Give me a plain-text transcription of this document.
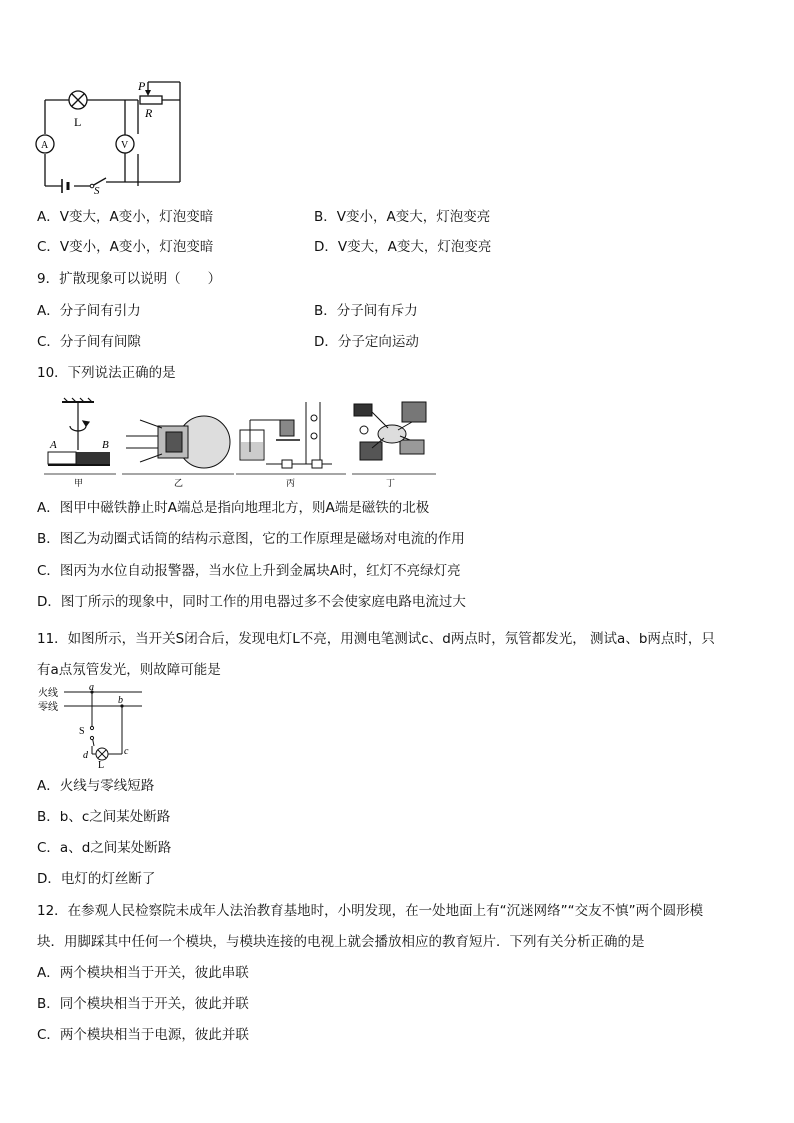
P
R
L
A	V
S
A．V变大，A变小，灯泡变暗	B．V变小，A变大，灯泡变亮
C．V变小，A变小，灯泡变暗	D．V变大，A变大，灯泡变亮
9．扩散现象可以说明（　　）
A．分子间有引力	B．分子间有斥力
C．分子间有间隙	D．分子定向运动
10．下列说法正确的是
A	B
甲	乙	丙	丁
A．图甲中磁铁静止时A端总是指向地理北方，则A端是磁铁的北极
B．图乙为动圈式话筒的结构示意图，它的工作原理是磁场对电流的作用
C．图丙为水位自动报警器，当水位上升到金属块A时，红灯不亮绿灯亮
D．图丁所示的现象中，同时工作的用电器过多不会使家庭电路电流过大
11．如图所示，当开关S闭合后，发现电灯L不亮，用测电笔测试c、d两点时，氖管都发光， 测试a、b两点时，只
有a点氖管发光，则故障可能是
火线
零线
a
b
c
d
S
L
A．火线与零线短路
B．b、c之间某处断路
C．a、d之间某处断路
D．电灯的灯丝断了
12．在参观人民检察院未成年人法治教育基地时，小明发现，在一处地面上有“沉迷网络”“交友不慎”两个圆形模
块．用脚踩其中任何一个模块，与模块连接的电视上就会播放相应的教育短片．下列有关分析正确的是
A．两个模块相当于开关，彼此串联
B．同个模块相当于开关，彼此并联
C．两个模块相当于电源，彼此并联
